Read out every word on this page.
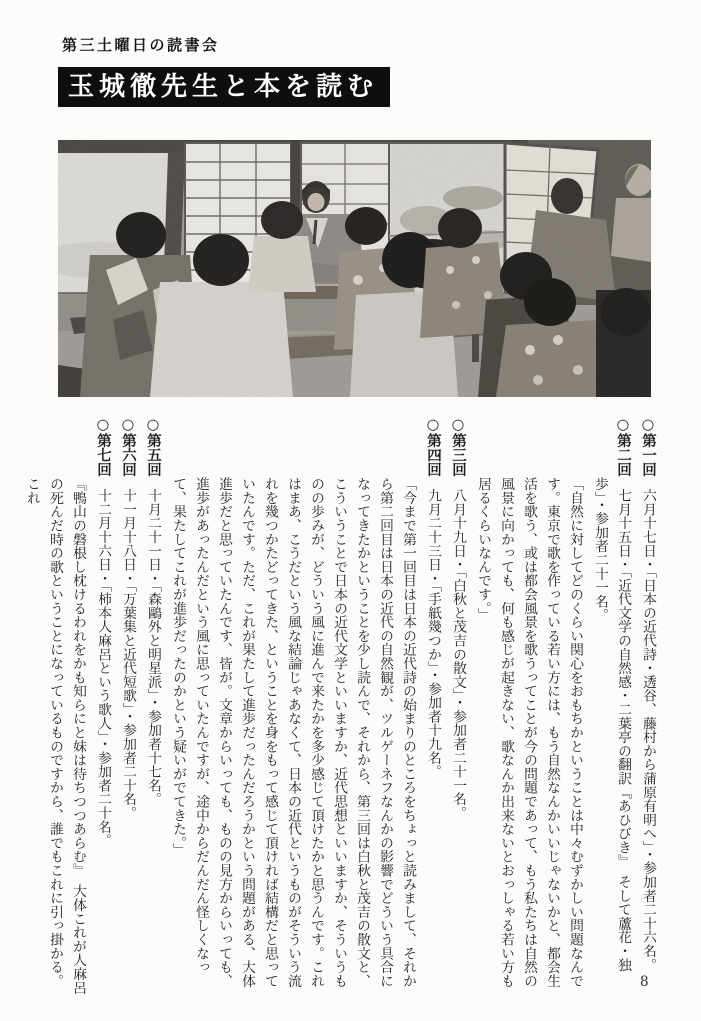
第三土曜日の読書会
玉城徹先生と本を読む

○第一回六月十七日・「日本の近代詩・透谷、藤村から蒲原有明へ」・参加者二十六名。

○第二回七月十五日・「近代文学の自然感・二葉亭の翻訳『あひびき』　そして蘆花・独歩」・参加者二十一名。

「自然に対してどのくらい関心をおもちかということは中々むずかしい問題なんです。東京で歌を作っている若い方には、もう自然なんかいいじゃないかと、都会生活を歌う、或は都会風景を歌うってことが今の問題であって、もう私たちは自然の風景に向かっても、何も感じが起きない、歌なんか出来ないとおっしゃる若い方も居るくらいなんです。」

○第三回八月十九日・「白秋と茂吉の散文」・参加者二十一名。

○第四回九月二十三日・「手紙幾つか」・参加者十九名。

「今まで第一回目は日本の近代詩の始まりのところをちょっと読みまして、それから第二回目は日本の近代の自然観が、ツルゲーネフなんかの影響でどういう具合になってきたかということを少し読んで、それから、第三回は白秋と茂吉の散文と、こういうことで日本の近代文学といいますか、近代思想といいますか、そういうものの歩みが、どういう風に進んで来たかを多少感じて頂けたかと思うんです。これはまあ、こうだという風な結論じゃあなくて、日本の近代というものがそういう流れを幾つかたどってきた、ということを身をもって感じて頂ければ結構だと思っていたんです。ただ、これが果たして進歩だったんだろうかという問題がある、大体進歩だと思っていたんです、皆が。文章からいっても、ものの見方からいっても、進歩があったんだという風に思っていたんですが、途中からだんだん怪しくなって、果たしてこれが進歩だったのかという疑いがでてきた。」

○第五回十月二十一日・「森鷗外と明星派」・参加者十七名。

○第六回十一月十八日・「万葉集と近代短歌」・参加者二十名。

○第七回十二月十六日・「柿本人麻呂という歌人」・参加者二十名。

『鴨山の磐根し枕けるわれをかも知らにと妹は待ちつつあらむ』　大体これが人麻呂の死んだ時の歌ということになっているものですから、誰でもこれに引っ掛かる。これ

8
